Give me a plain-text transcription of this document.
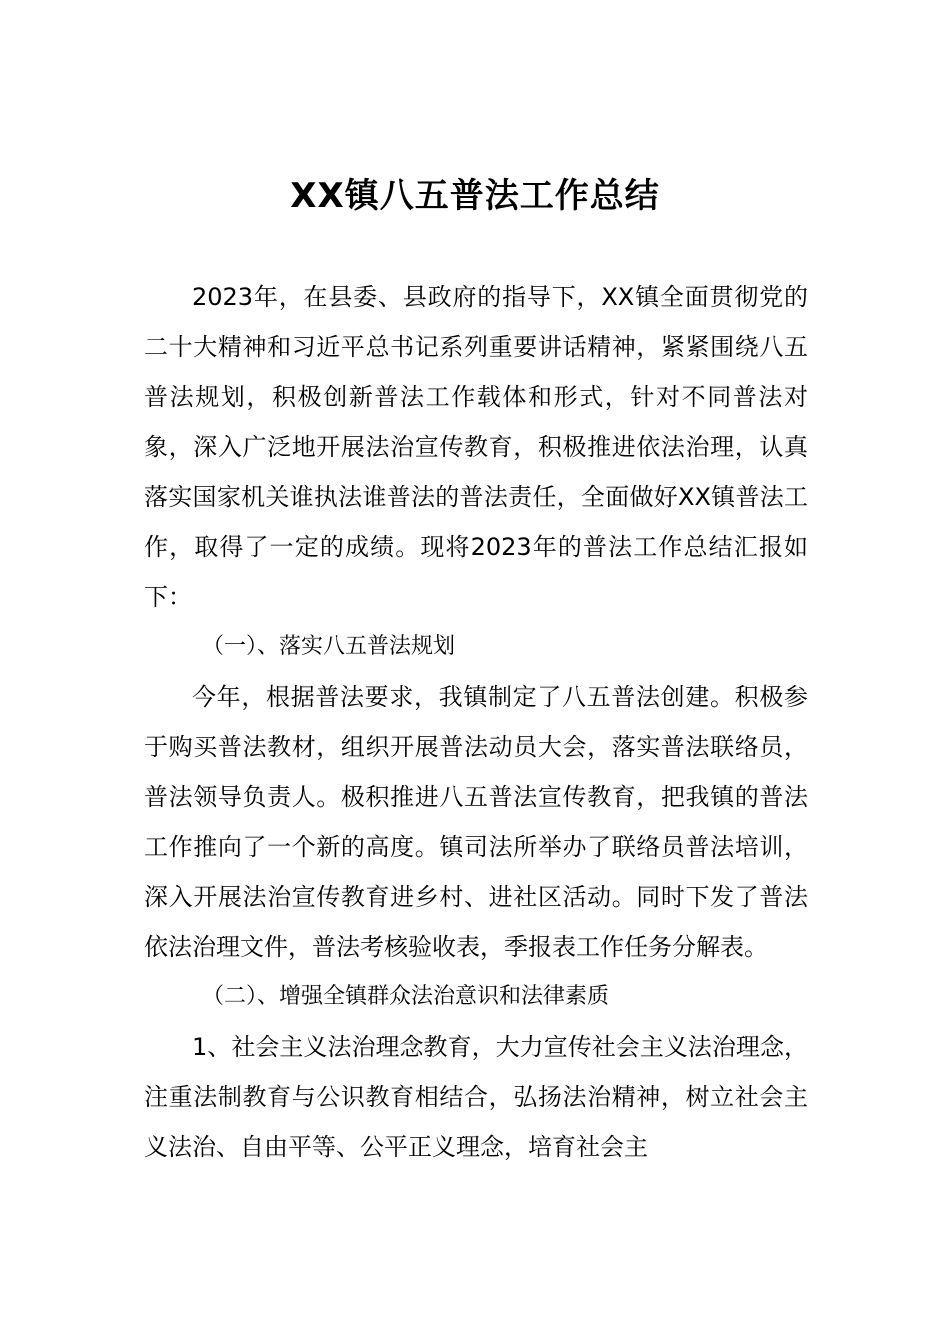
XX镇八五普法工作总结

2023年，在县委、县政府的指导下，XX镇全面贯彻党的二十大精神和习近平总书记系列重要讲话精神，紧紧围绕八五普法规划，积极创新普法工作载体和形式，针对不同普法对象，深入广泛地开展法治宣传教育，积极推进依法治理，认真落实国家机关谁执法谁普法的普法责任，全面做好XX镇普法工作，取得了一定的成绩。现将2023年的普法工作总结汇报如下：

（一）、落实八五普法规划

今年，根据普法要求，我镇制定了八五普法创建。积极参于购买普法教材，组织开展普法动员大会，落实普法联络员，普法领导负责人。极积推进八五普法宣传教育，把我镇的普法工作推向了一个新的高度。镇司法所举办了联络员普法培训，深入开展法治宣传教育进乡村、进社区活动。同时下发了普法依法治理文件，普法考核验收表，季报表工作任务分解表。

（二）、增强全镇群众法治意识和法律素质

1、社会主义法治理念教育，大力宣传社会主义法治理念，注重法制教育与公识教育相结合，弘扬法治精神，树立社会主义法治、自由平等、公平正义理念，培育社会主
